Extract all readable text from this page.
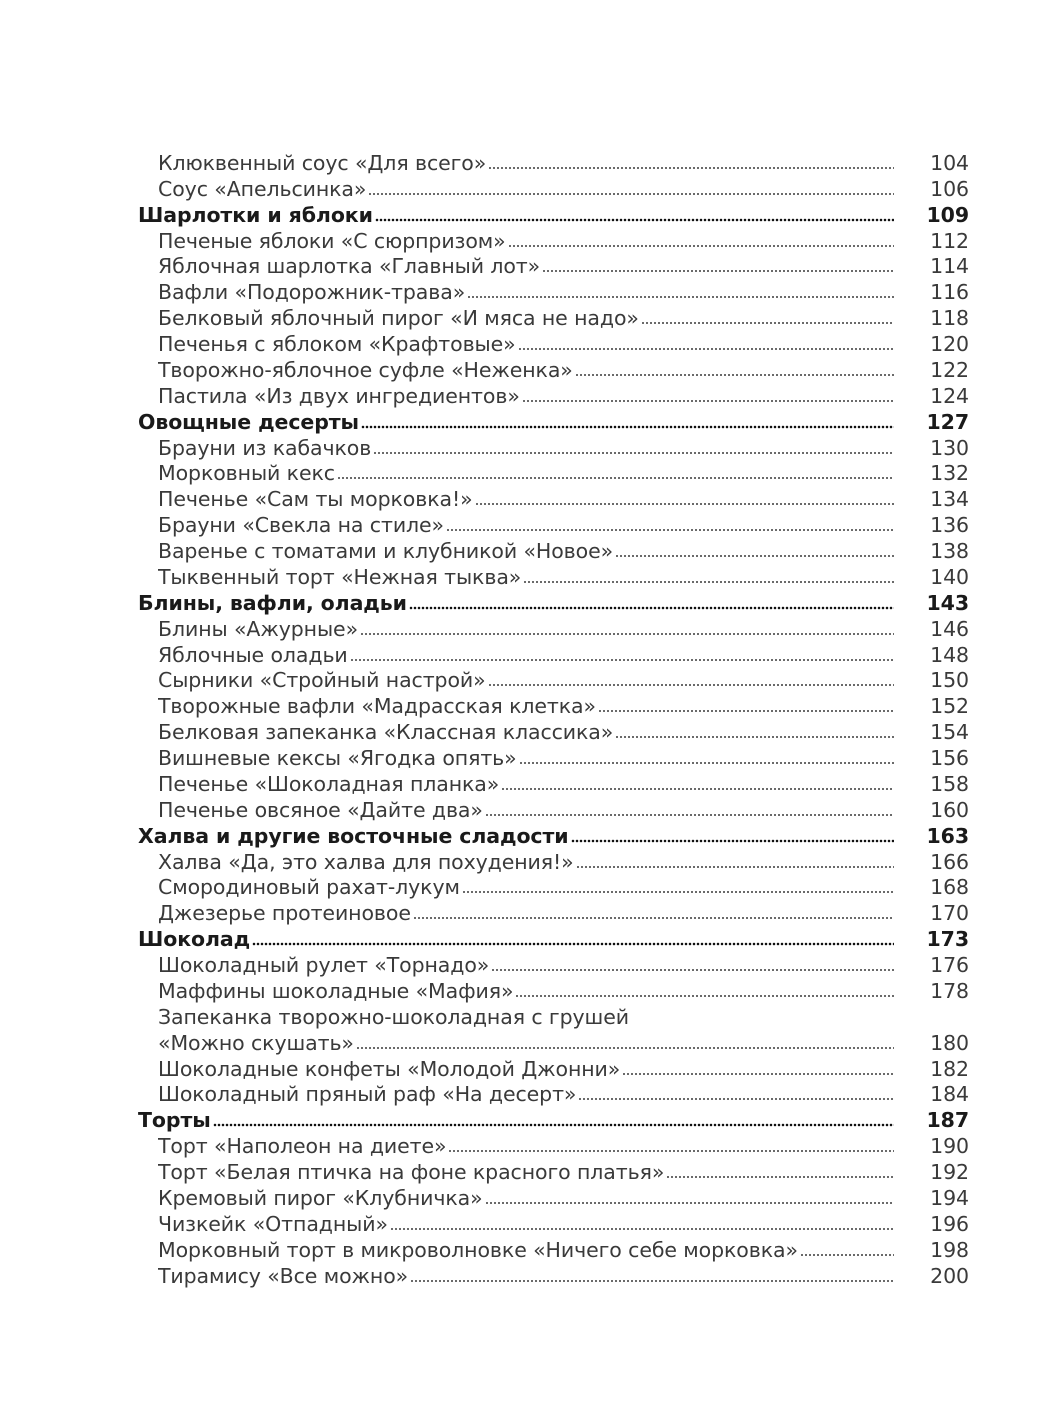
Клюквенный соус «Для всего»	104
Соус «Апельсинка»	106
Шарлотки и яблоки	109
Печеные яблоки «С сюрпризом»	112
Яблочная шарлотка «Главный лот»	114
Вафли «Подорожник-трава»	116
Белковый яблочный пирог «И мяса не надо»	118
Печенья с яблоком «Крафтовые»	120
Творожно-яблочное суфле «Неженка»	122
Пастила «Из двух ингредиентов»	124
Овощные десерты	127
Брауни из кабачков	130
Морковный кекс	132
Печенье «Сам ты морковка!»	134
Брауни «Свекла на стиле»	136
Варенье с томатами и клубникой «Новое»	138
Тыквенный торт «Нежная тыква»	140
Блины, вафли, оладьи	143
Блины «Ажурные»	146
Яблочные оладьи	148
Сырники «Стройный настрой»	150
Творожные вафли «Мадрасская клетка»	152
Белковая запеканка «Классная классика»	154
Вишневые кексы «Ягодка опять»	156
Печенье «Шоколадная планка»	158
Печенье овсяное «Дайте два»	160
Халва и другие восточные сладости	163
Халва «Да, это халва для похудения!»	166
Смородиновый рахат-лукум	168
Джезерье протеиновое	170
Шоколад	173
Шоколадный рулет «Торнадо»	176
Маффины шоколадные «Мафия»	178
Запеканка творожно-шоколадная с грушей
«Можно скушать»	180
Шоколадные конфеты «Молодой Джонни»	182
Шоколадный пряный раф «На десерт»	184
Торты	187
Торт «Наполеон на диете»	190
Торт «Белая птичка на фоне красного платья»	192
Кремовый пирог «Клубничка»	194
Чизкейк «Отпадный»	196
Морковный торт в микроволновке «Ничего себе морковка»	198
Тирамису «Все можно»	200
